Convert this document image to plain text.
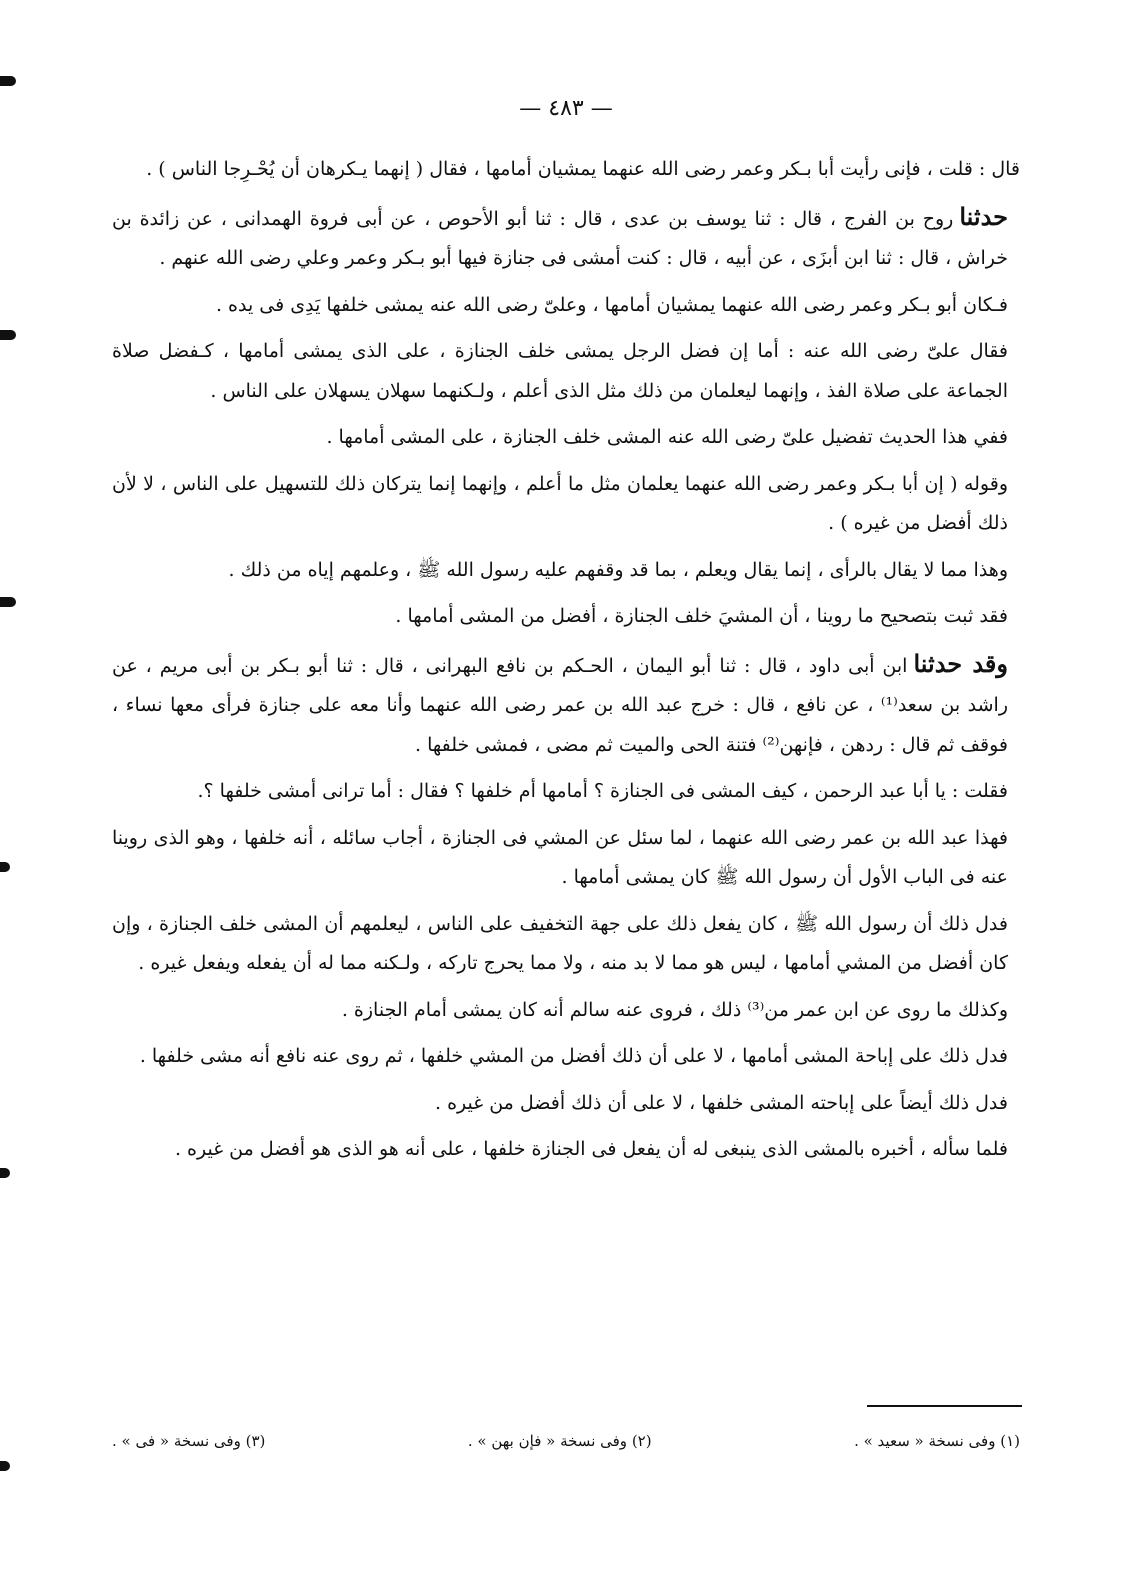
— ٤٨٣ —

قال : قلت ، فإنى رأيت أبا بـكر وعمر رضى الله عنهما يمشيان أمامها ، فقال ( إنهما يـكرهان أن يُحْـرِجا الناس ) .

حدثناروح بن الفرج ، قال : ثنا يوسف بن عدى ، قال : ثنا أبو الأحوص ، عن أبى فروة الهمدانى ، عن زائدة بن خراش ، قال : ثنا ابن أبزَى ، عن أبيه ، قال : كنت أمشى فى جنازة فيها أبو بـكر وعمر وعلي رضى الله عنهم .

فـكان أبو بـكر وعمر رضى الله عنهما يمشيان أمامها ، وعلىّ رضى الله عنه يمشى خلفها يَدِى فى يده .

فقال علىّ رضى الله عنه : أما إن فضل الرجل يمشى خلف الجنازة ، على الذى يمشى أمامها ، كـفضل صلاة الجماعة على صلاة الفذ ، وإنهما ليعلمان من ذلك مثل الذى أعلم ، ولـكنهما سهلان يسهلان على الناس .

ففي هذا الحديث تفضيل علىّ رضى الله عنه المشى خلف الجنازة ، على المشى أمامها .

وقوله ( إن أبا بـكر وعمر رضى الله عنهما يعلمان مثل ما أعلم ، وإنهما إنما يتركان ذلك للتسهيل على الناس ، لا لأن ذلك أفضل من غيره ) .

وهذا مما لا يقال بالرأى ، إنما يقال ويعلم ، بما قد وقفهم عليه رسول الله ﷺ ، وعلمهم إياه من ذلك .

فقد ثبت بتصحيح ما روينا ، أن المشيَ خلف الجنازة ، أفضل من المشى أمامها .

وقد حدثناابن أبى داود ، قال : ثنا أبو اليمان ، الحـكم بن نافع البهرانى ، قال : ثنا أبو بـكر بن أبى مريم ، عن راشد بن سعد⁽¹⁾ ، عن نافع ، قال : خرج عبد الله بن عمر رضى الله عنهما وأنا معه على جنازة فرأى معها نساء ، فوقف ثم قال : ردهن ، فإنهن⁽²⁾ فتنة الحى والميت ثم مضى ، فمشى خلفها .

فقلت : يا أبا عبد الرحمن ، كيف المشى فى الجنازة ؟ أمامها أم خلفها ؟ فقال : أما ترانى أمشى خلفها ؟.

فهذا عبد الله بن عمر رضى الله عنهما ، لما سئل عن المشي فى الجنازة ، أجاب سائله ، أنه خلفها ، وهو الذى روينا عنه فى الباب الأول أن رسول الله ﷺ كان يمشى أمامها .

فدل ذلك أن رسول الله ﷺ ، كان يفعل ذلك على جهة التخفيف على الناس ، ليعلمهم أن المشى خلف الجنازة ، وإن كان أفضل من المشي أمامها ، ليس هو مما لا بد منه ، ولا مما يحرج تاركه ، ولـكنه مما له أن يفعله ويفعل غيره .

وكذلك ما روى عن ابن عمر من⁽³⁾ ذلك ، فروى عنه سالم أنه كان يمشى أمام الجنازة .

فدل ذلك على إباحة المشى أمامها ، لا على أن ذلك أفضل من المشي خلفها ، ثم روى عنه نافع أنه مشى خلفها .

فدل ذلك أيضاً على إباحته المشى خلفها ، لا على أن ذلك أفضل من غيره .

فلما سأله ، أخبره بالمشى الذى ينبغى له أن يفعل فى الجنازة خلفها ، على أنه هو الذى هو أفضل من غيره .

(١) وفى نسخة « سعيد » .
(٢) وفى نسخة « فإن بهن » .
(٣) وفى نسخة « فى » .
